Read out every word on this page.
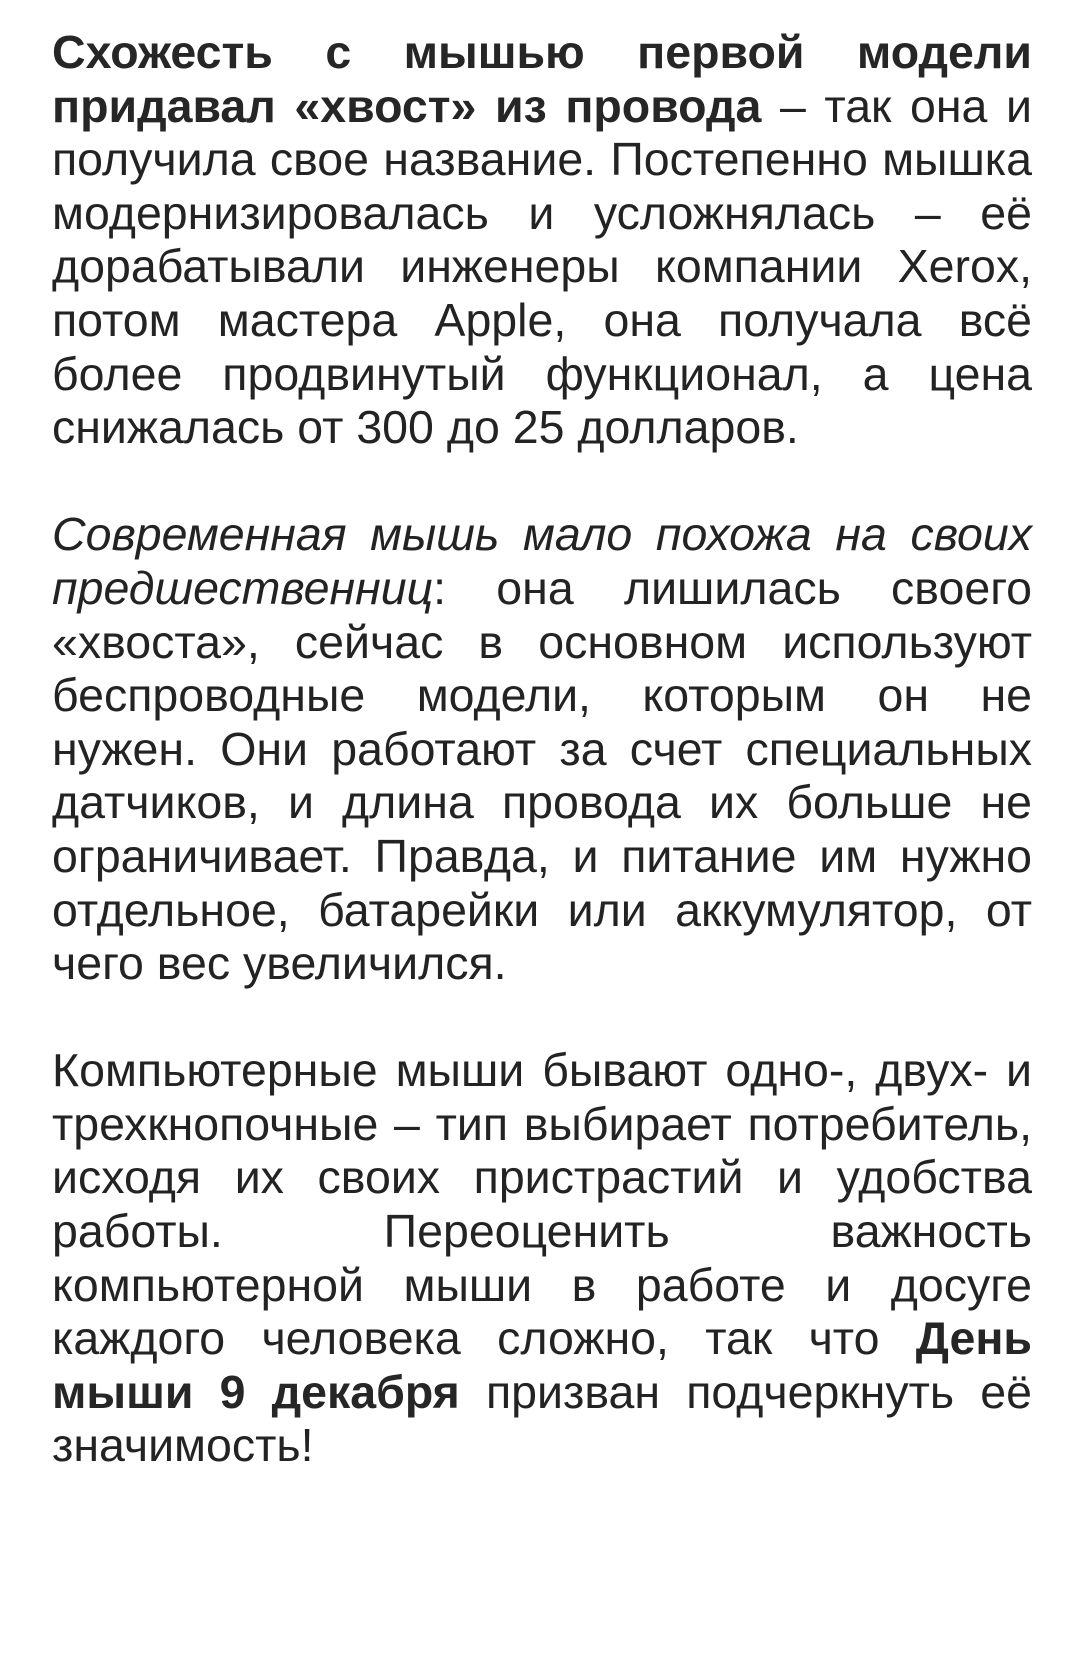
Схожесть с мышью первой модели придавал «хвост» из провода – так она и получила свое название. Постепенно мышка модернизировалась и усложнялась – её дорабатывали инженеры компании Xerox, потом мастера Apple, она получала всё более продвинутый функционал, а цена снижалась от 300 до 25 долларов.

Современная мышь мало похожа на своих предшественниц: она лишилась своего «хвоста», сейчас в основном используют беспроводные модели, которым он не нужен. Они работают за счет специальных датчиков, и длина провода их больше не ограничивает. Правда, и питание им нужно отдельное, батарейки или аккумулятор, от чего вес увеличился.

Компьютерные мыши бывают одно-, двух- и трехкнопочные – тип выбирает потребитель, исходя их своих пристрастий и удобства работы. Переоценить важность компьютерной мыши в работе и досуге каждого человека сложно, так что День мыши 9 декабря призван подчеркнуть её значимость!
